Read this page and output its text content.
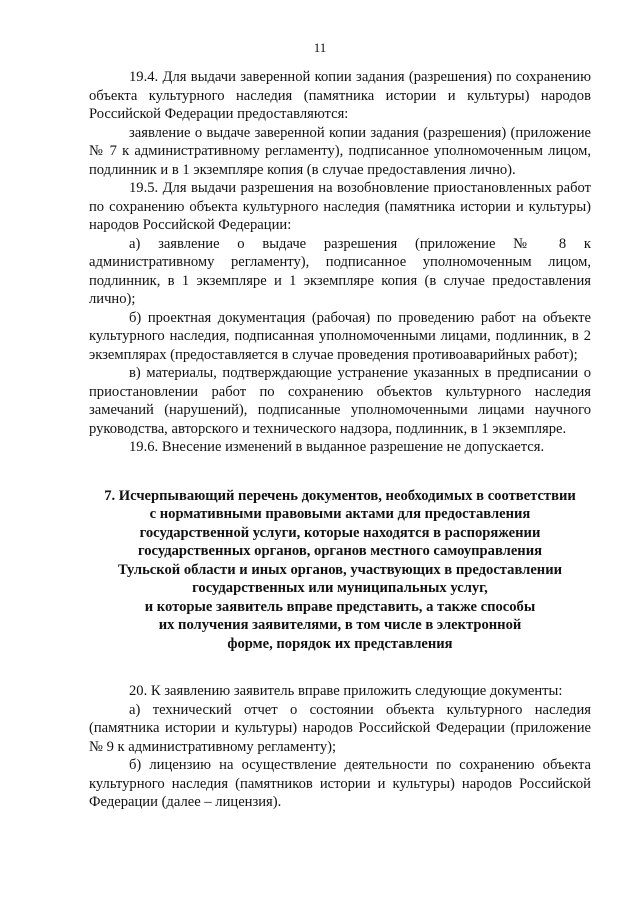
11

19.4. Для выдачи заверенной копии задания (разрешения) по сохранению объекта культурного наследия (памятника истории и культуры) народов Российской Федерации предоставляются:

заявление о выдаче заверенной копии задания (разрешения) (приложение № 7 к административному регламенту), подписанное уполномоченным лицом, подлинник и в 1 экземпляре копия (в случае предоставления лично).

19.5. Для выдачи разрешения на возобновление приостановленных работ по сохранению объекта культурного наследия (памятника истории и культуры) народов Российской Федерации:

а) заявление о выдаче разрешения (приложение № 8 к административному регламенту), подписанное уполномоченным лицом, подлинник, в 1 экземпляре и 1 экземпляре копия (в случае предоставления лично);

б) проектная документация (рабочая) по проведению работ на объекте культурного наследия, подписанная уполномоченными лицами, подлинник, в 2 экземплярах (предоставляется в случае проведения противоаварийных работ);

в) материалы, подтверждающие устранение указанных в предписании о приостановлении работ по сохранению объектов культурного наследия замечаний (нарушений), подписанные уполномоченными лицами научного руководства, авторского и технического надзора, подлинник, в 1 экземпляре.

19.6. Внесение изменений в выданное разрешение не допускается.

7. Исчерпывающий перечень документов, необходимых в соответствии
с нормативными правовыми актами для предоставления
государственной услуги, которые находятся в распоряжении
государственных органов, органов местного самоуправления
Тульской области и иных органов, участвующих в предоставлении
государственных или муниципальных услуг,
и которые заявитель вправе представить, а также способы
их получения заявителями, в том числе в электронной
форме, порядок их представления

20. К заявлению заявитель вправе приложить следующие документы:

а) технический отчет о состоянии объекта культурного наследия (памятника истории и культуры) народов Российской Федерации (приложение № 9 к административному регламенту);

б) лицензию на осуществление деятельности по сохранению объекта культурного наследия (памятников истории и культуры) народов Российской Федерации (далее – лицензия).
